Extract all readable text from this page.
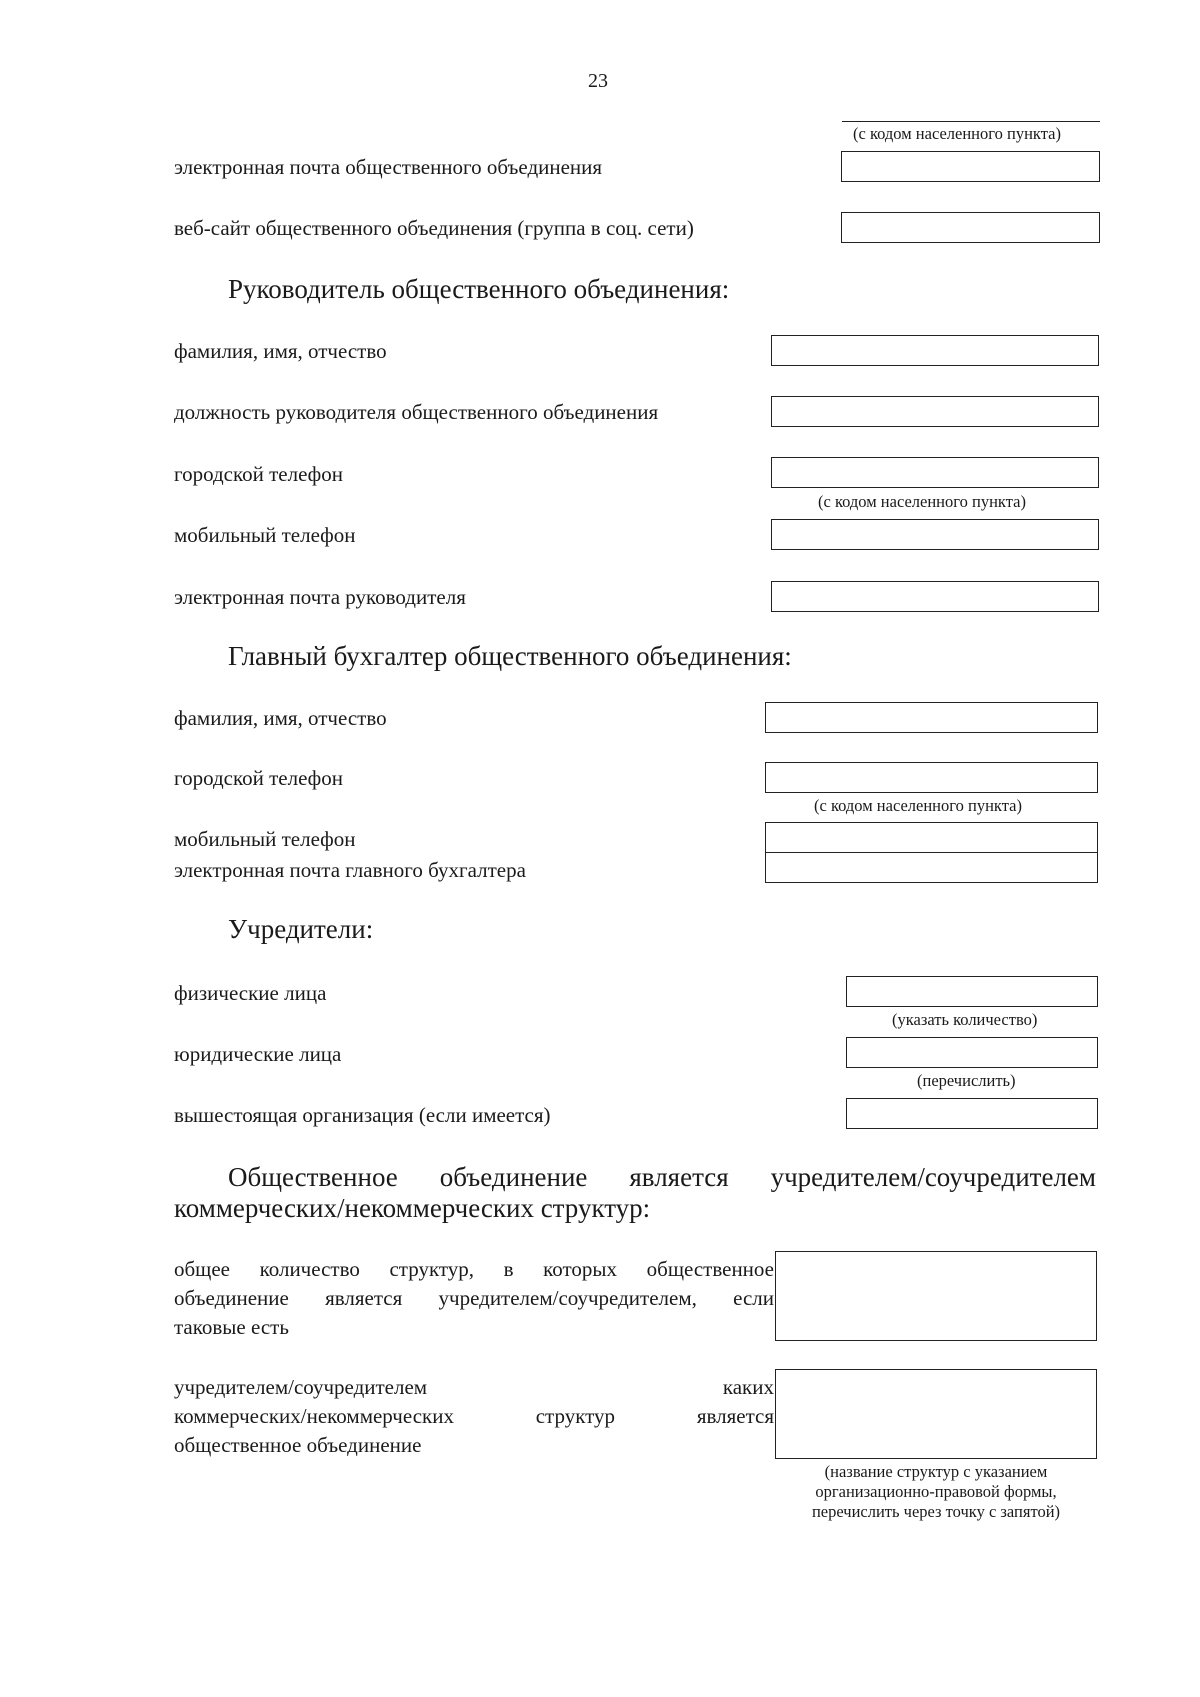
23
(с кодом населенного пункта)
электронная почта общественного объединения
веб-сайт общественного объединения (группа в соц. сети)
Руководитель общественного объединения:
фамилия, имя, отчество
должность руководителя общественного объединения
городской телефон
(с кодом населенного пункта)
мобильный телефон
электронная почта руководителя
Главный бухгалтер общественного объединения:
фамилия, имя, отчество
городской телефон
(с кодом населенного пункта)
мобильный телефон
электронная почта главного бухгалтера
Учредители:
физические лица
(указать количество)
юридические лица
(перечислить)
вышестоящая организация (если имеется)
Общественное объединение является учредителем/соучредителем
коммерческих/некоммерческих структур:
общее количество структур, в которых общественное
объединение является учредителем/соучредителем, если
таковые есть
учредителем/соучредителем каких
коммерческих/некоммерческих структур является
общественное объединение
(название структур с указанием
организационно-правовой формы,
перечислить через точку с запятой)
